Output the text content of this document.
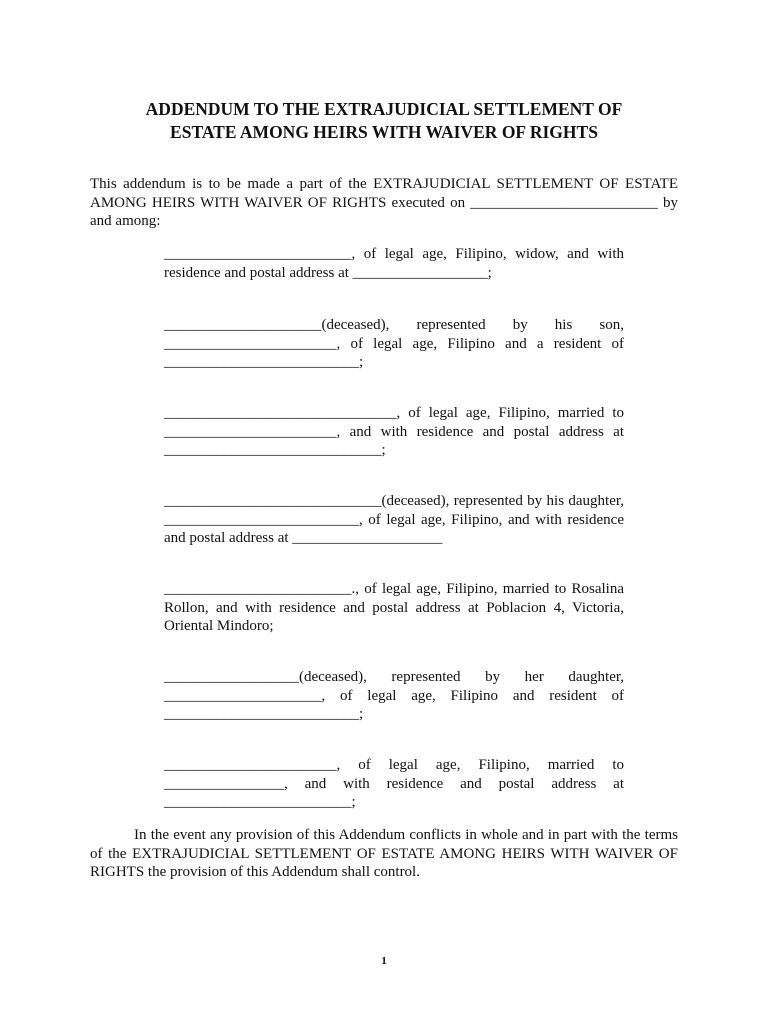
ADDENDUM TO THE EXTRAJUDICIAL SETTLEMENT OF

ESTATE AMONG HEIRS WITH WAIVER OF RIGHTS

This addendum is to be made a part of the EXTRAJUDICIAL SETTLEMENT OF ESTATE AMONG HEIRS WITH WAIVER OF RIGHTS executed on _________________________ by and among:

_________________________, of legal age, Filipino, widow, and with residence and postal address at __________________;

_____________________(deceased), represented by his son, _______________________, of legal age, Filipino and a resident of __________________________;

_______________________________, of legal age, Filipino, married to _______________________, and with residence and postal address at _____________________________;

_____________________________(deceased), represented by his daughter, __________________________, of legal age, Filipino, and with residence and postal address at ____________________

_________________________., of legal age, Filipino, married to Rosalina Rollon, and with residence and postal address at Poblacion 4, Victoria, Oriental Mindoro;

__________________(deceased), represented by her daughter, _____________________, of legal age, Filipino and resident of __________________________;

_______________________, of legal age, Filipino, married to ________________, and with residence and postal address at _________________________;

In the event any provision of this Addendum conflicts in whole and in part with the terms of the EXTRAJUDICIAL SETTLEMENT OF ESTATE AMONG HEIRS WITH WAIVER OF RIGHTS the provision of this Addendum shall control.

1
